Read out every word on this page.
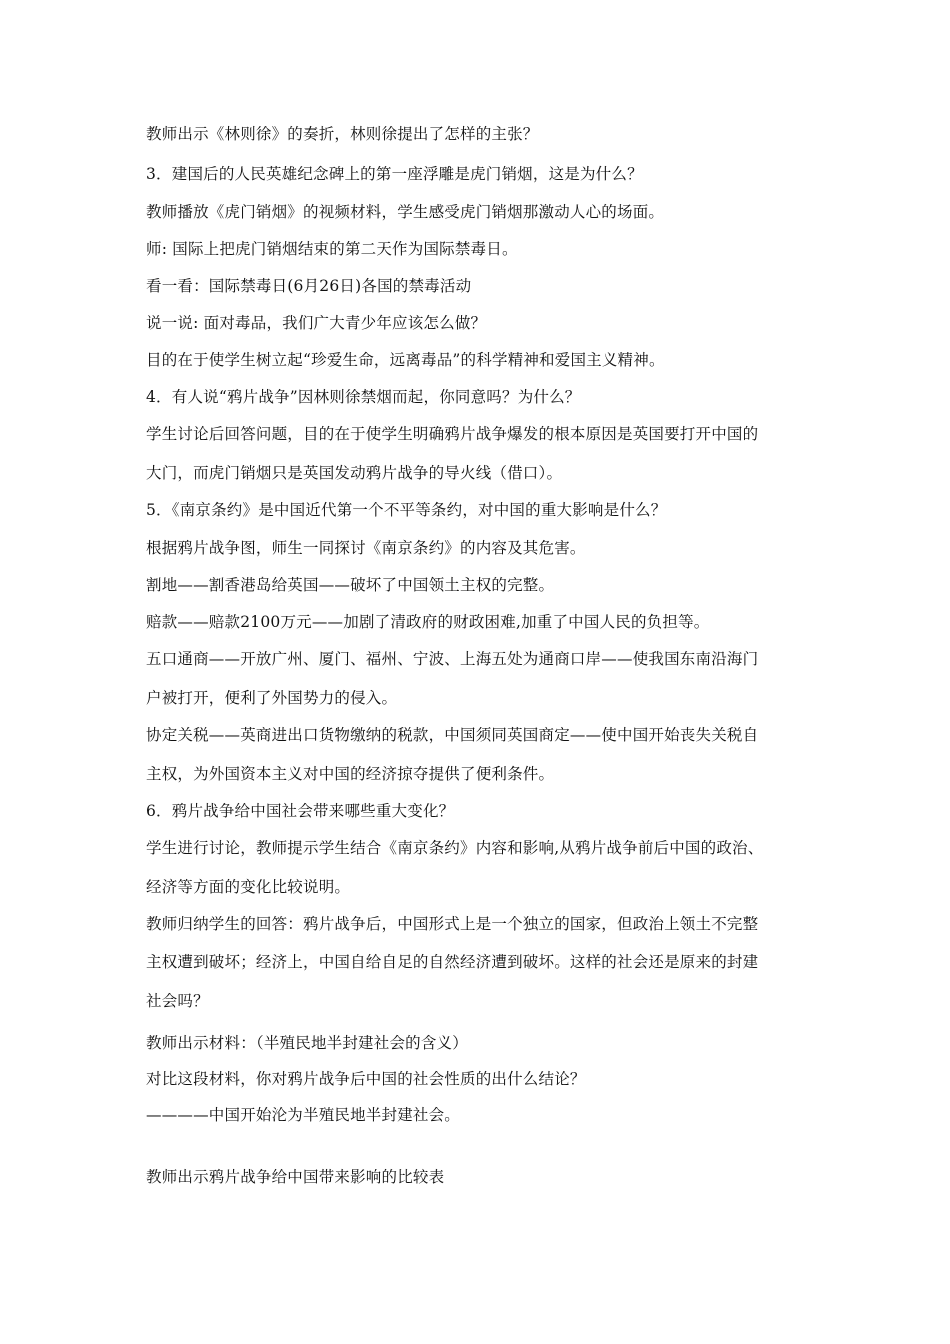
教师出示《林则徐》的奏折，林则徐提出了怎样的主张？
3．建国后的人民英雄纪念碑上的第一座浮雕是虎门销烟，这是为什么？
教师播放《虎门销烟》的视频材料，学生感受虎门销烟那激动人心的场面。
师: 国际上把虎门销烟结束的第二天作为国际禁毒日。
看一看：国际禁毒日(6月26日)各国的禁毒活动
说一说: 面对毒品，我们广大青少年应该怎么做？
目的在于使学生树立起“珍爱生命，远离毒品”的科学精神和爱国主义精神。
4．有人说“鸦片战争”因林则徐禁烟而起，你同意吗？为什么？
学生讨论后回答问题，目的在于使学生明确鸦片战争爆发的根本原因是英国要打开中国的
大门，而虎门销烟只是英国发动鸦片战争的导火线（借口）。
5．《南京条约》是中国近代第一个不平等条约，对中国的重大影响是什么？
根据鸦片战争图，师生一同探讨《南京条约》的内容及其危害。
割地——割香港岛给英国——破坏了中国领土主权的完整。
赔款——赔款2100万元——加剧了清政府的财政困难,加重了中国人民的负担等。
五口通商——开放广州、厦门、福州、宁波、上海五处为通商口岸——使我国东南沿海门
户被打开，便利了外国势力的侵入。
协定关税——英商进出口货物缴纳的税款，中国须同英国商定——使中国开始丧失关税自
主权，为外国资本主义对中国的经济掠夺提供了便利条件。
6．鸦片战争给中国社会带来哪些重大变化？
学生进行讨论，教师提示学生结合《南京条约》内容和影响,从鸦片战争前后中国的政治、
经济等方面的变化比较说明。
教师归纳学生的回答：鸦片战争后，中国形式上是一个独立的国家，但政治上领土不完整
主权遭到破坏；经济上，中国自给自足的自然经济遭到破坏。这样的社会还是原来的封建
社会吗？
教师出示材料：（半殖民地半封建社会的含义）
对比这段材料，你对鸦片战争后中国的社会性质的出什么结论？
————中国开始沦为半殖民地半封建社会。
教师出示鸦片战争给中国带来影响的比较表
